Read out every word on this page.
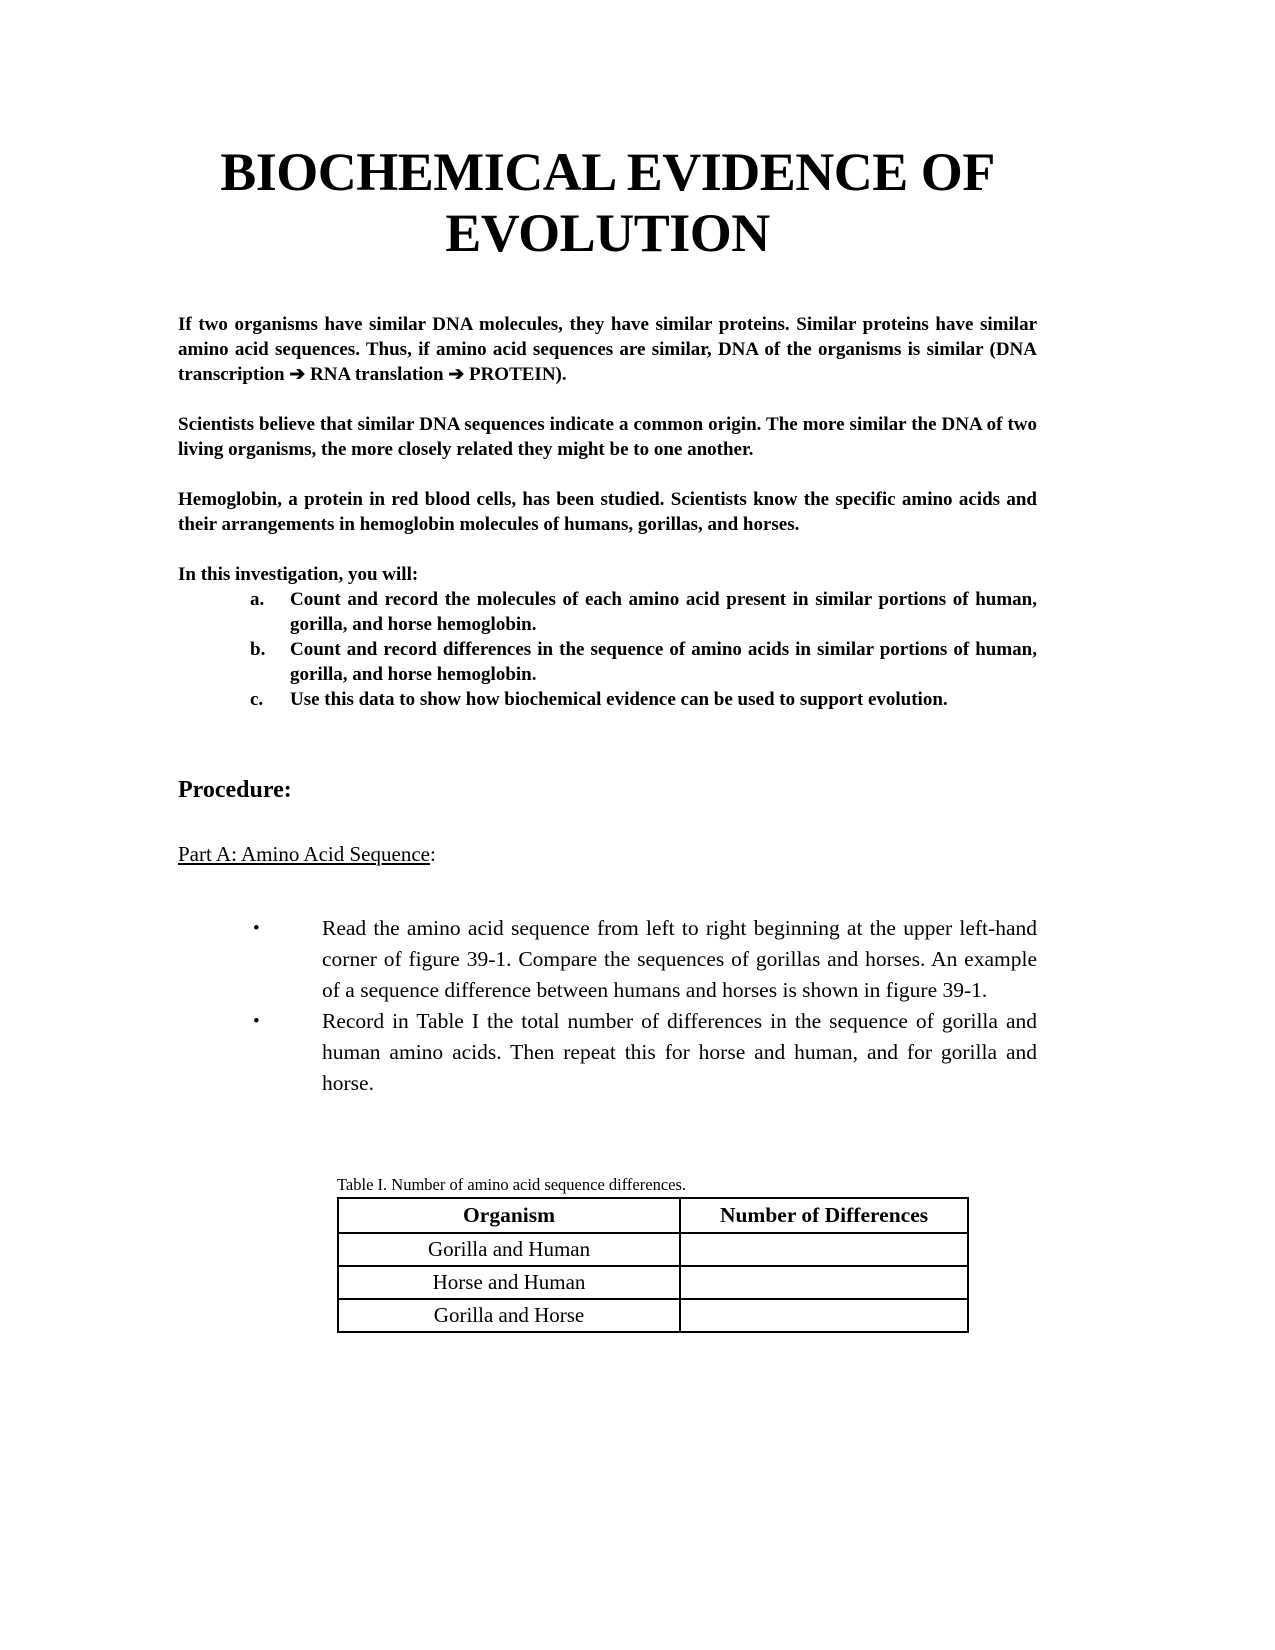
BIOCHEMICAL EVIDENCE OF
EVOLUTION

If two organisms have similar DNA molecules, they have similar proteins. Similar proteins have similar amino acid sequences. Thus, if amino acid sequences are similar, DNA of the organisms is similar (DNA transcription ➔ RNA translation ➔ PROTEIN).

Scientists believe that similar DNA sequences indicate a common origin. The more similar the DNA of two living organisms, the more closely related they might be to one another.

Hemoglobin, a protein in red blood cells, has been studied. Scientists know the specific amino acids and their arrangements in hemoglobin molecules of humans, gorillas, and horses.

In this investigation, you will:

a.	Count and record the molecules of each amino acid present in similar portions of human, gorilla, and horse hemoglobin.
b.	Count and record differences in the sequence of amino acids in similar portions of human, gorilla, and horse hemoglobin.
c.	Use this data to show how biochemical evidence can be used to support evolution.
Procedure:
Part A: Amino Acid Sequence:
•	Read the amino acid sequence from left to right beginning at the upper left-hand corner of figure 39-1. Compare the sequences of gorillas and horses. An example of a sequence difference between humans and horses is shown in figure 39-1.
•	Record in Table I the total number of differences in the sequence of gorilla and human amino acids. Then repeat this for horse and human, and for gorilla and horse.
Table I. Number of amino acid sequence differences.
Organism	Number of Differences
Gorilla and Human	
Horse and Human	
Gorilla and Horse	
